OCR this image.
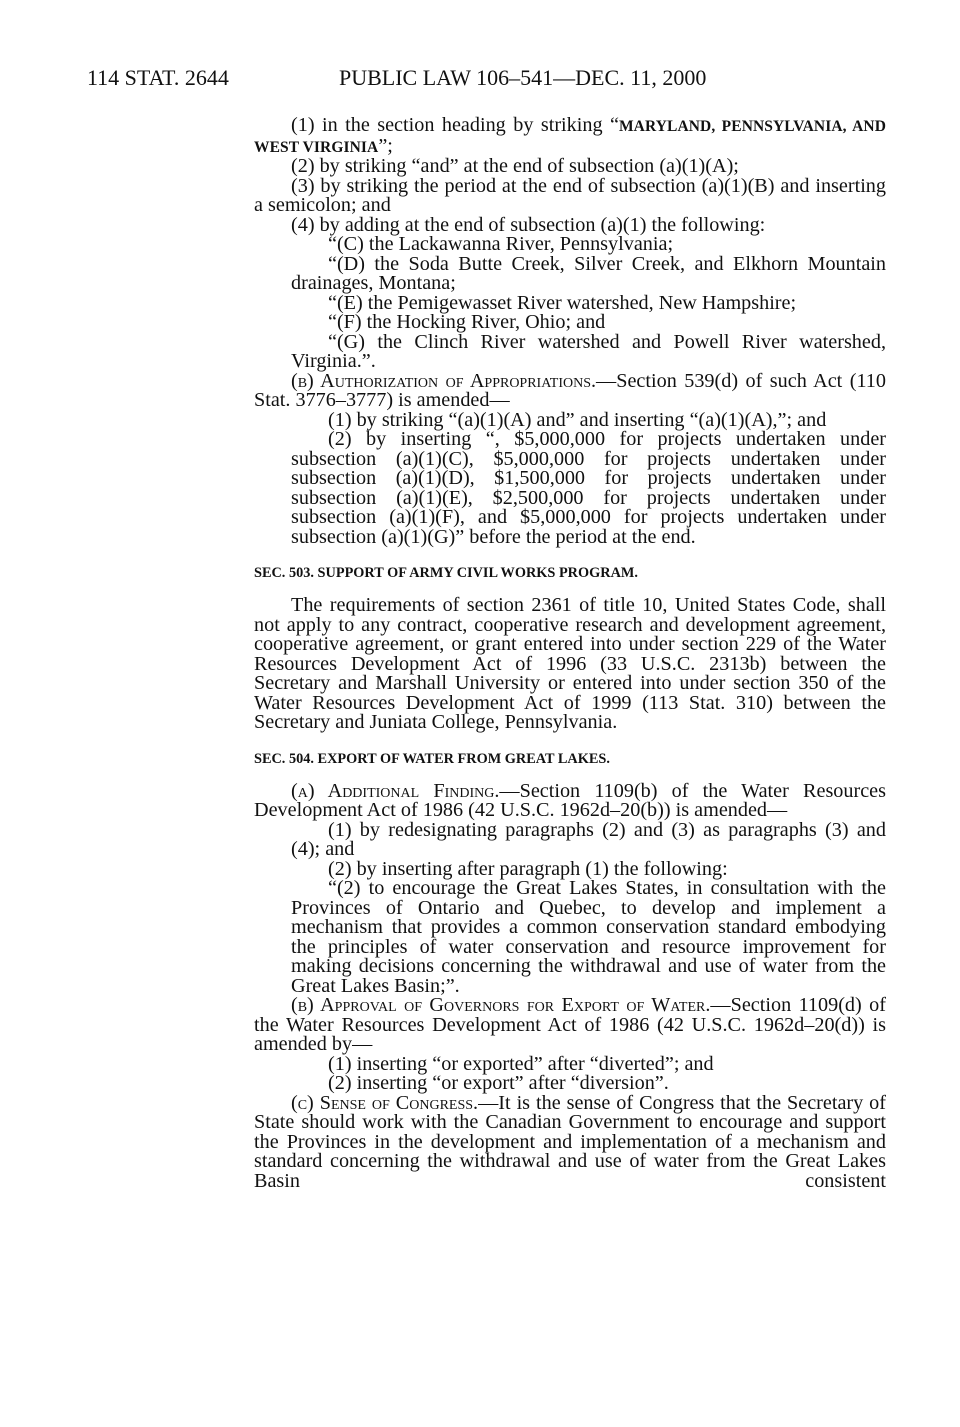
114 STAT. 2644	PUBLIC LAW 106–541—DEC. 11, 2000

(1) in the section heading by striking “MARYLAND, PENNSYLVANIA, AND WEST VIRGINIA”;

(2) by striking “and” at the end of subsection (a)(1)(A);

(3) by striking the period at the end of subsection (a)(1)(B) and inserting a semicolon; and

(4) by adding at the end of subsection (a)(1) the following:

“(C) the Lackawanna River, Pennsylvania;

“(D) the Soda Butte Creek, Silver Creek, and Elkhorn Mountain drainages, Montana;

“(E) the Pemigewasset River watershed, New Hampshire;

“(F) the Hocking River, Ohio; and

“(G) the Clinch River watershed and Powell River watershed, Virginia.”.

(b) Authorization of Appropriations.—Section 539(d) of such Act (110 Stat. 3776–3777) is amended—

(1) by striking “(a)(1)(A) and” and inserting “(a)(1)(A),”; and

(2) by inserting “, $5,000,000 for projects undertaken under subsection (a)(1)(C), $5,000,000 for projects undertaken under subsection (a)(1)(D), $1,500,000 for projects undertaken under subsection (a)(1)(E), $2,500,000 for projects undertaken under subsection (a)(1)(F), and $5,000,000 for projects undertaken under subsection (a)(1)(G)” before the period at the end.

SEC. 503. SUPPORT OF ARMY CIVIL WORKS PROGRAM.

The requirements of section 2361 of title 10, United States Code, shall not apply to any contract, cooperative research and development agreement, cooperative agreement, or grant entered into under section 229 of the Water Resources Development Act of 1996 (33 U.S.C. 2313b) between the Secretary and Marshall University or entered into under section 350 of the Water Resources Development Act of 1999 (113 Stat. 310) between the Secretary and Juniata College, Pennsylvania.

SEC. 504. EXPORT OF WATER FROM GREAT LAKES.

(a) Additional Finding.—Section 1109(b) of the Water Resources Development Act of 1986 (42 U.S.C. 1962d–20(b)) is amended—

(1) by redesignating paragraphs (2) and (3) as paragraphs (3) and (4); and

(2) by inserting after paragraph (1) the following:

“(2) to encourage the Great Lakes States, in consultation with the Provinces of Ontario and Quebec, to develop and implement a mechanism that provides a common conservation standard embodying the principles of water conservation and resource improvement for making decisions concerning the withdrawal and use of water from the Great Lakes Basin;”.

(b) Approval of Governors for Export of Water.—Section 1109(d) of the Water Resources Development Act of 1986 (42 U.S.C. 1962d–20(d)) is amended by—

(1) inserting “or exported” after “diverted”; and

(2) inserting “or export” after “diversion”.

(c) Sense of Congress.—It is the sense of Congress that the Secretary of State should work with the Canadian Government to encourage and support the Provinces in the development and implementation of a mechanism and standard concerning the withdrawal and use of water from the Great Lakes Basin consistent
